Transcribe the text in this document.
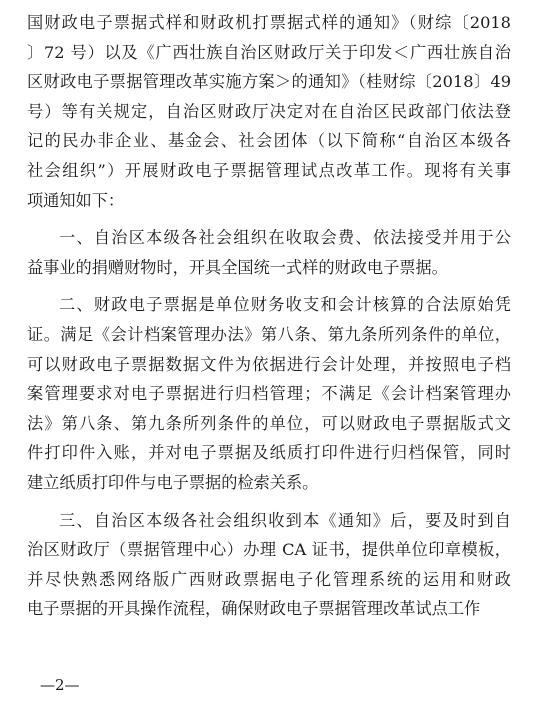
国财政电子票据式样和财政机打票据式样的通知》（财综〔2018
〕72 号）以及《广西壮族自治区财政厅关于印发＜广西壮族自治
区财政电子票据管理改革实施方案＞的通知》（桂财综〔2018〕49
号）等有关规定，自治区财政厅决定对在自治区民政部门依法登
记的民办非企业、基金会、社会团体（以下简称“自治区本级各
社会组织”）开展财政电子票据管理试点改革工作。现将有关事
项通知如下：
一、自治区本级各社会组织在收取会费、依法接受并用于公
益事业的捐赠财物时，开具全国统一式样的财政电子票据。
二、财政电子票据是单位财务收支和会计核算的合法原始凭
证。满足《会计档案管理办法》第八条、第九条所列条件的单位，
可以财政电子票据数据文件为依据进行会计处理，并按照电子档
案管理要求对电子票据进行归档管理；不满足《会计档案管理办
法》第八条、第九条所列条件的单位，可以财政电子票据版式文
件打印件入账，并对电子票据及纸质打印件进行归档保管，同时
建立纸质打印件与电子票据的检索关系。
三、自治区本级各社会组织收到本《通知》后，要及时到自
治区财政厅（票据管理中心）办理 CA 证书，提供单位印章模板，
并尽快熟悉网络版广西财政票据电子化管理系统的运用和财政
电子票据的开具操作流程，确保财政电子票据管理改革试点工作
—2—
